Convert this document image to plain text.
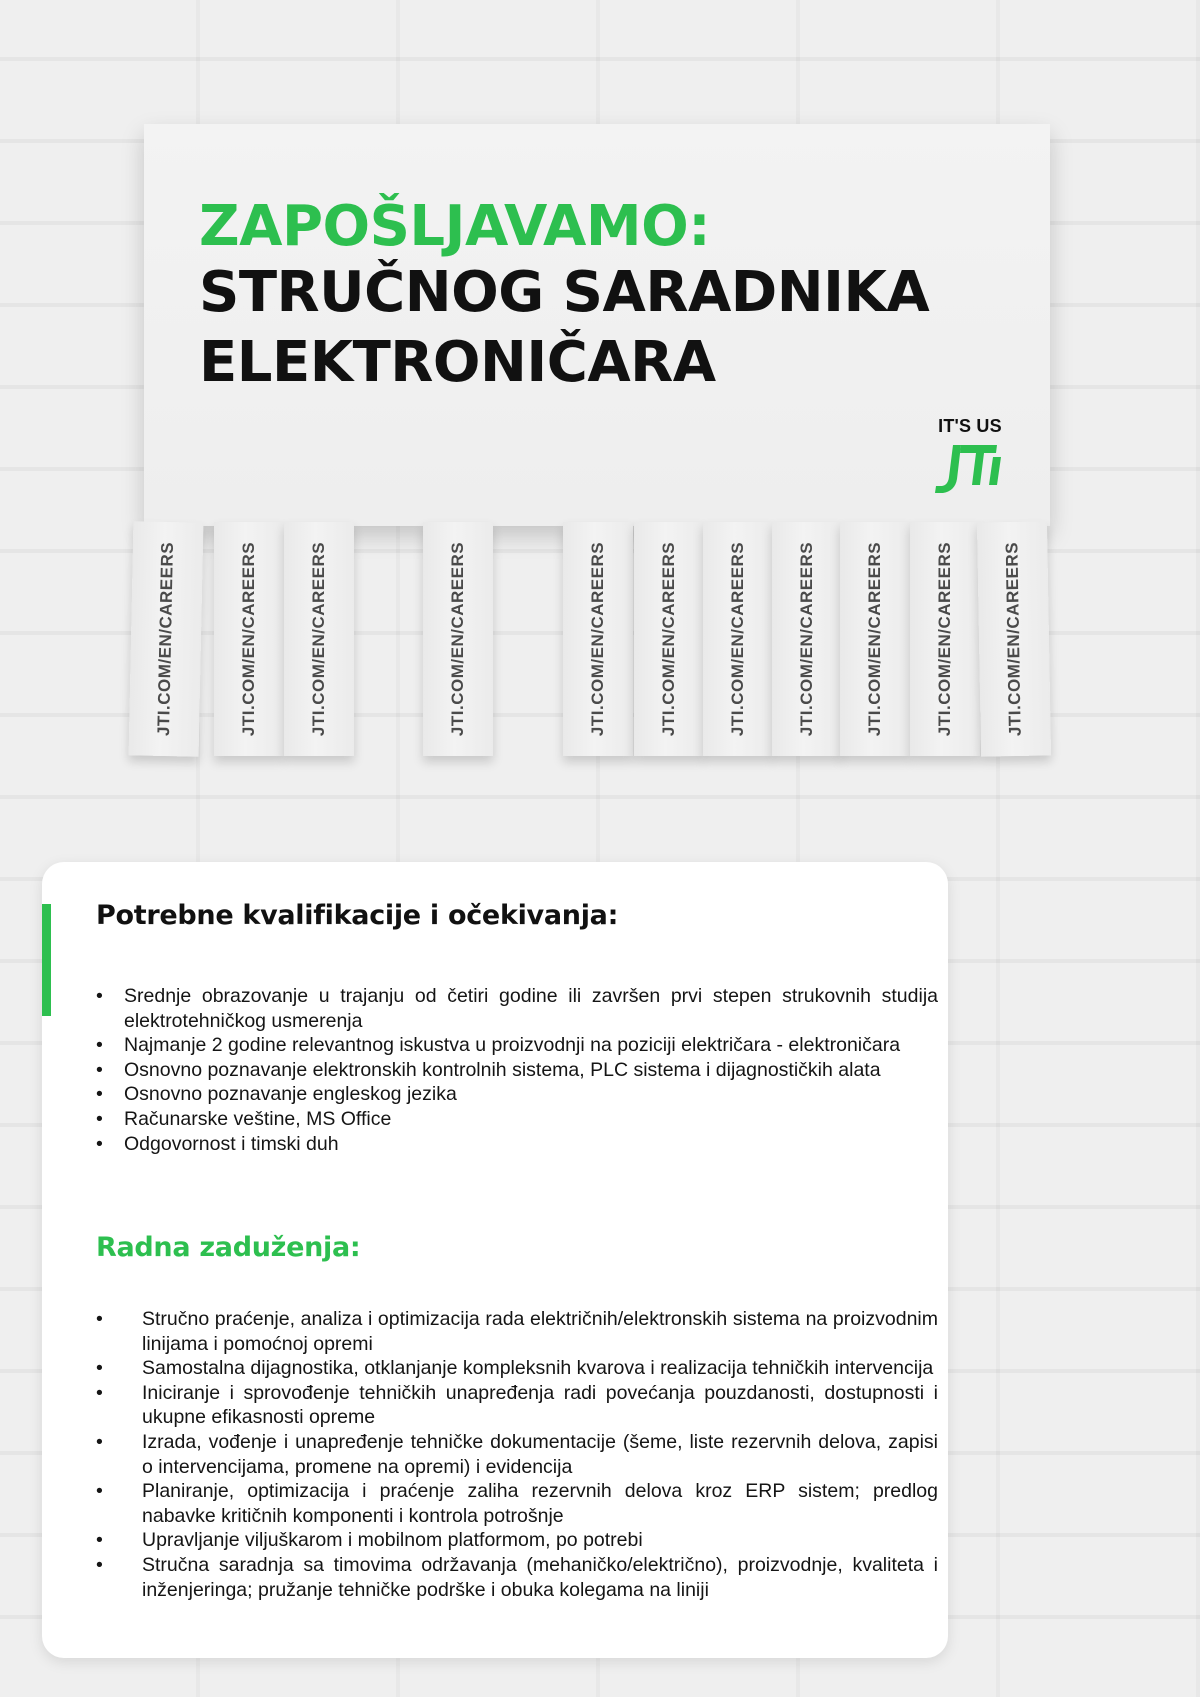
ZAPOŠLJAVAMO:
STRUČNOG SARADNIKA
ELEKTRONIČARA
IT'S US
JTI.COM/EN/CAREERS	JTI.COM/EN/CAREERS	JTI.COM/EN/CAREERS	JTI.COM/EN/CAREERS	JTI.COM/EN/CAREERS	JTI.COM/EN/CAREERS	JTI.COM/EN/CAREERS	JTI.COM/EN/CAREERS	JTI.COM/EN/CAREERS	JTI.COM/EN/CAREERS	JTI.COM/EN/CAREERS
Potrebne kvalifikacije i očekivanja:
• Srednje obrazovanje u trajanju od četiri godine ili završen prvi stepen strukovnih studija elektrotehničkog usmerenja
• Najmanje 2 godine relevantnog iskustva u proizvodnji na poziciji električara - elektroničara
• Osnovno poznavanje elektronskih kontrolnih sistema, PLC sistema i dijagnostičkih alata
• Osnovno poznavanje engleskog jezika
• Računarske veštine, MS Office
• Odgovornost i timski duh
Radna zaduženja:
• Stručno praćenje, analiza i optimizacija rada električnih/elektronskih sistema na proizvodnim linijama i pomoćnoj opremi
• Samostalna dijagnostika, otklanjanje kompleksnih kvarova i realizacija tehničkih intervencija
• Iniciranje i sprovođenje tehničkih unapređenja radi povećanja pouzdanosti, dostupnosti i ukupne efikasnosti opreme
• Izrada, vođenje i unapređenje tehničke dokumentacije (šeme, liste rezervnih delova, zapisi o intervencijama, promene na opremi) i evidencija
• Planiranje, optimizacija i praćenje zaliha rezervnih delova kroz ERP sistem; predlog nabavke kritičnih komponenti i kontrola potrošnje
• Upravljanje viljuškarom i mobilnom platformom, po potrebi
• Stručna saradnja sa timovima održavanja (mehaničko/električno), proizvodnje, kvaliteta i inženjeringa; pružanje tehničke podrške i obuka kolegama na liniji
